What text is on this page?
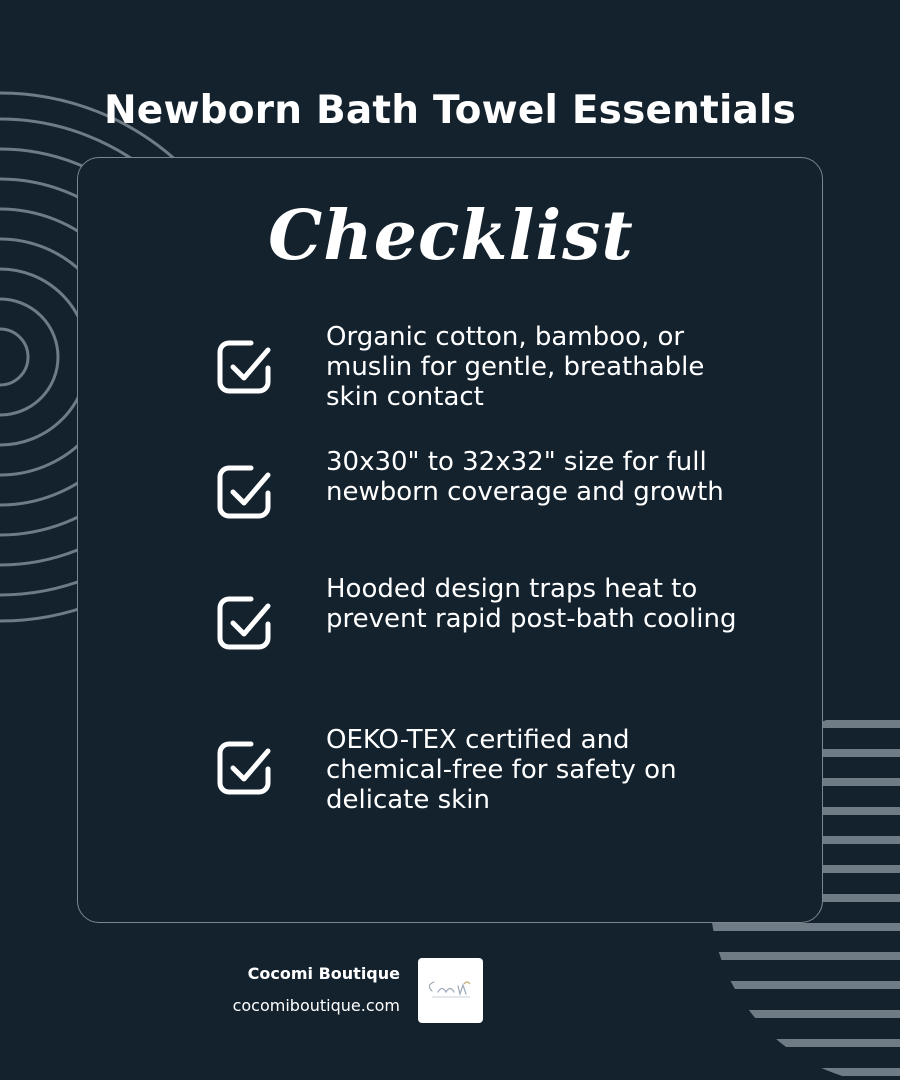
Newborn Bath Towel Essentials
Checklist
Organic cotton, bamboo, or muslin for gentle, breathable skin contact
30x30" to 32x32" size for full newborn coverage and growth
Hooded design traps heat to prevent rapid post-bath cooling
OEKO-TEX certified and chemical-free for safety on delicate skin
Cocomi Boutique
cocomiboutique.com
